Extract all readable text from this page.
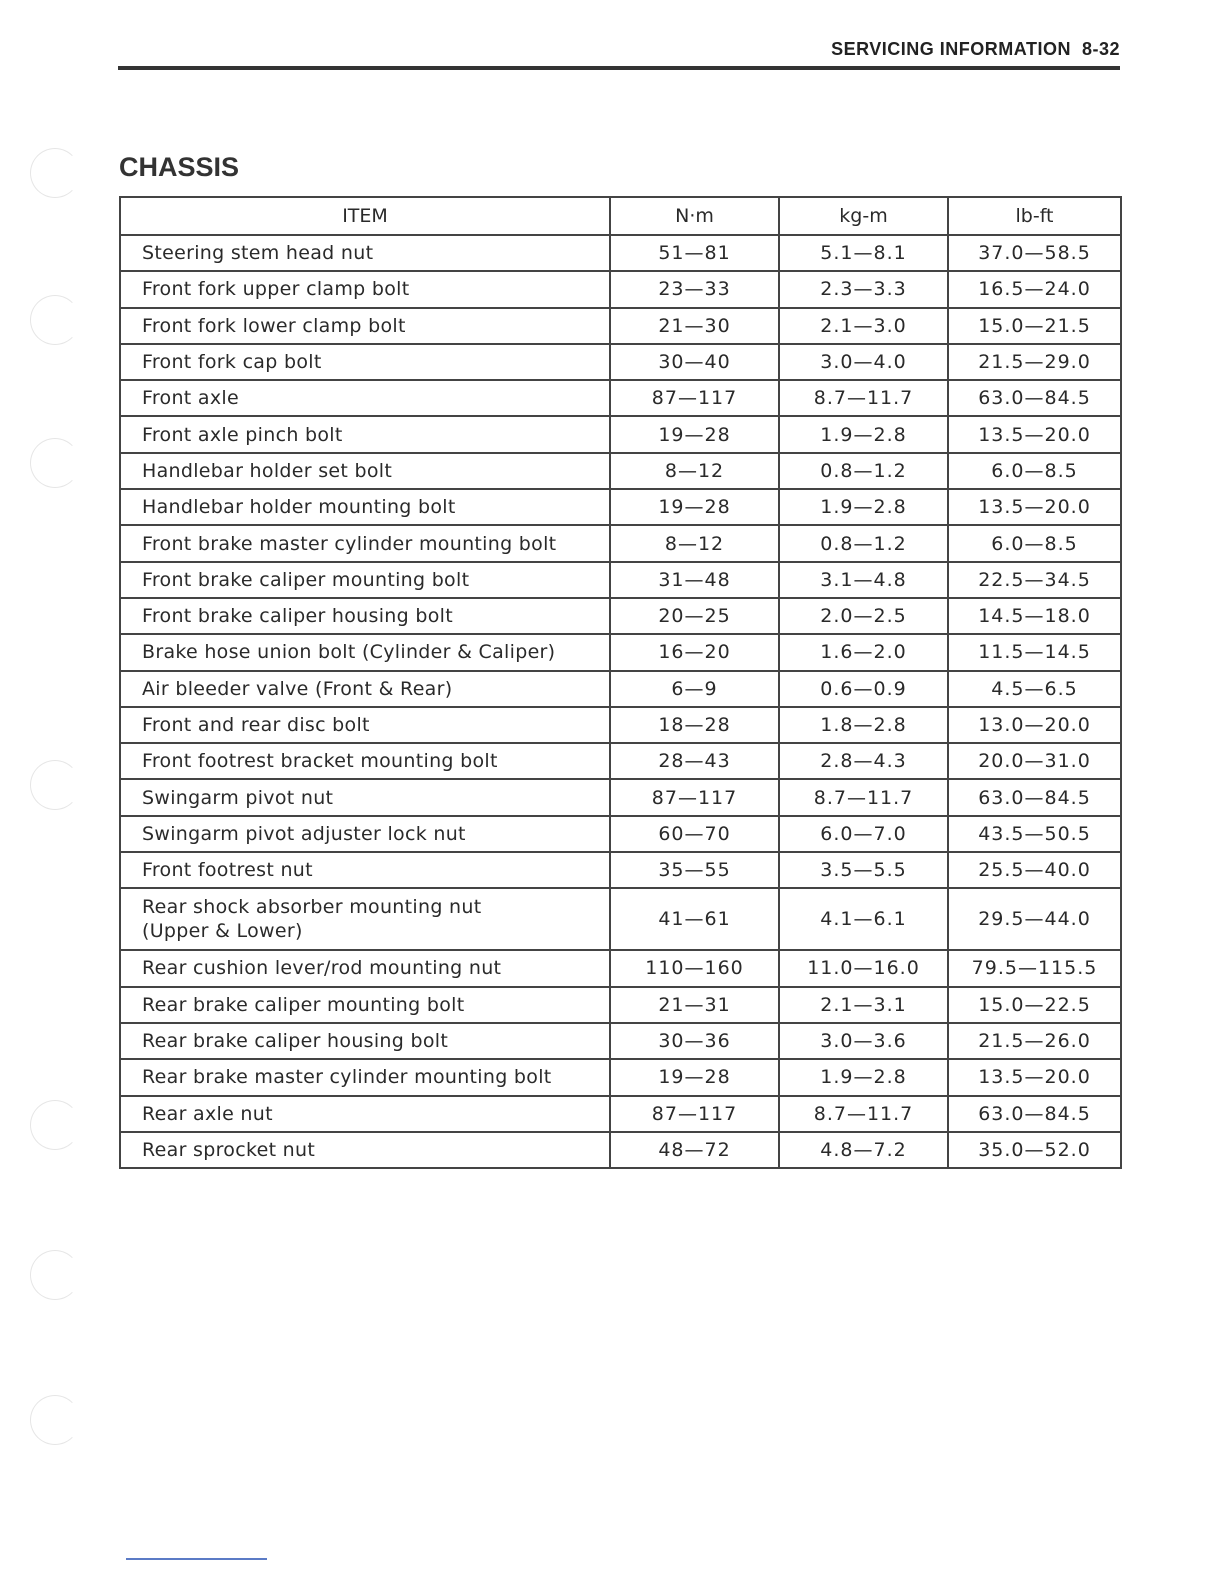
SERVICING INFORMATION 8-32
CHASSIS
ITEM	N·m	kg-m	lb-ft

Steering stem head nut	51—81	5.1—8.1	37.0—58.5

Front fork upper clamp bolt	23—33	2.3—3.3	16.5—24.0

Front fork lower clamp bolt	21—30	2.1—3.0	15.0—21.5

Front fork cap bolt	30—40	3.0—4.0	21.5—29.0

Front axle	87—117	8.7—11.7	63.0—84.5

Front axle pinch bolt	19—28	1.9—2.8	13.5—20.0

Handlebar holder set bolt	8—12	0.8—1.2	6.0—8.5

Handlebar holder mounting bolt	19—28	1.9—2.8	13.5—20.0

Front brake master cylinder mounting bolt	8—12	0.8—1.2	6.0—8.5

Front brake caliper mounting bolt	31—48	3.1—4.8	22.5—34.5

Front brake caliper housing bolt	20—25	2.0—2.5	14.5—18.0

Brake hose union bolt (Cylinder & Caliper)	16—20	1.6—2.0	11.5—14.5

Air bleeder valve (Front & Rear)	6—9	0.6—0.9	4.5—6.5

Front and rear disc bolt	18—28	1.8—2.8	13.0—20.0

Front footrest bracket mounting bolt	28—43	2.8—4.3	20.0—31.0

Swingarm pivot nut	87—117	8.7—11.7	63.0—84.5

Swingarm pivot adjuster lock nut	60—70	6.0—7.0	43.5—50.5

Front footrest nut	35—55	3.5—5.5	25.5—40.0

Rear shock absorber mounting nut
(Upper & Lower)	41—61	4.1—6.1	29.5—44.0

Rear cushion lever/rod mounting nut	110—160	11.0—16.0	79.5—115.5

Rear brake caliper mounting bolt	21—31	2.1—3.1	15.0—22.5

Rear brake caliper housing bolt	30—36	3.0—3.6	21.5—26.0

Rear brake master cylinder mounting bolt	19—28	1.9—2.8	13.5—20.0

Rear axle nut	87—117	8.7—11.7	63.0—84.5

Rear sprocket nut	48—72	4.8—7.2	35.0—52.0
